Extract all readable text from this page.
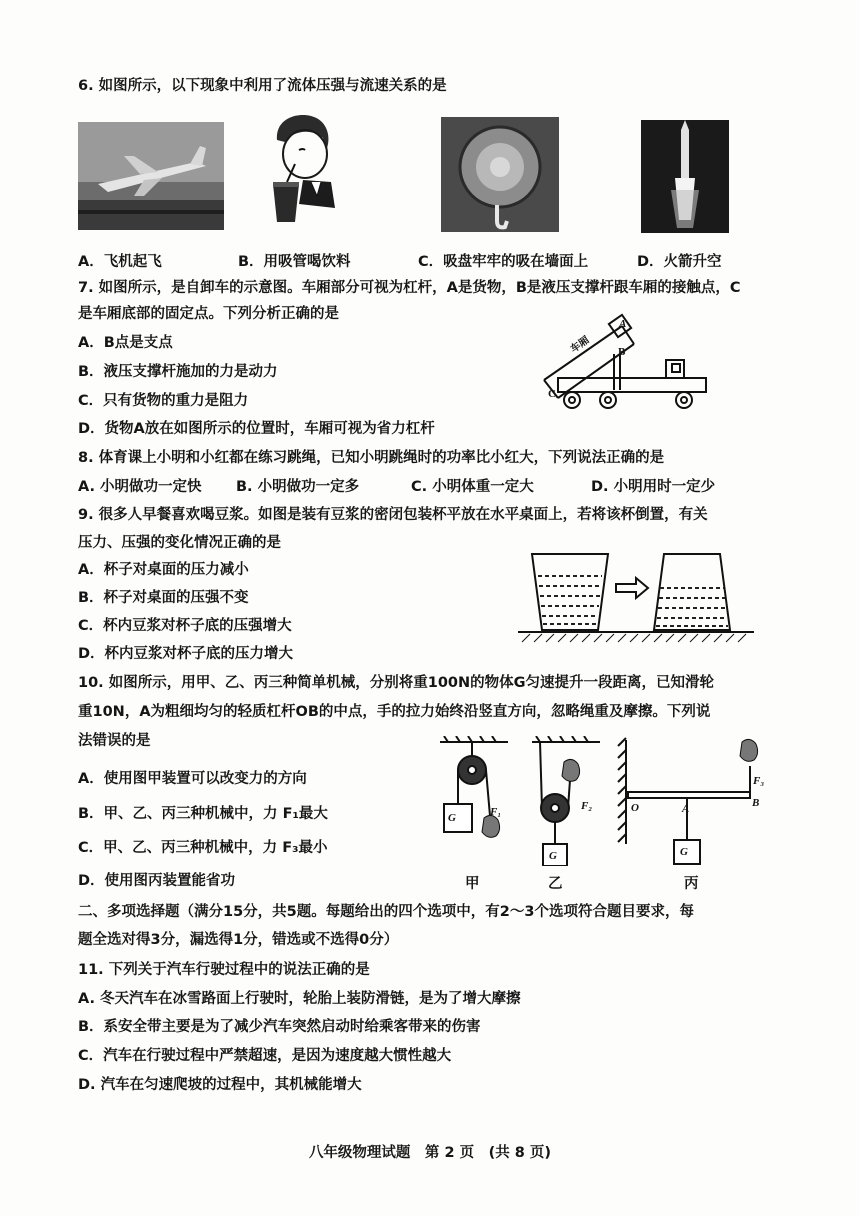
6. 如图所示，以下现象中利用了流体压强与流速关系的是
A．飞机起飞	B．用吸管喝饮料	C．吸盘牢牢的吸在墙面上	D．火箭升空
7. 如图所示，是自卸车的示意图。车厢部分可视为杠杆，A是货物，B是液压支撑杆跟车厢的接触点，C
是车厢底部的固定点。下列分析正确的是
A．B点是支点
B．液压支撑杆施加的力是动力
C．只有货物的重力是阻力
D．货物A放在如图所示的位置时，车厢可视为省力杠杆
A
B
C
车厢
8. 体育课上小明和小红都在练习跳绳，已知小明跳绳时的功率比小红大，下列说法正确的是
A. 小明做功一定快 B. 小明做功一定多	C. 小明体重一定大	D. 小明用时一定少
9. 很多人早餐喜欢喝豆浆。如图是装有豆浆的密闭包装杯平放在水平桌面上，若将该杯倒置，有关
压力、压强的变化情况正确的是
A．杯子对桌面的压力减小
B．杯子对桌面的压强不变
C．杯内豆浆对杯子底的压强增大
D．杯内豆浆对杯子底的压力增大
10. 如图所示，用甲、乙、丙三种简单机械，分别将重100N的物体G匀速提升一段距离，已知滑轮
重10N，A为粗细均匀的轻质杠杆OB的中点，手的拉力始终沿竖直方向，忽略绳重及摩擦。下列说
法错误的是
A．使用图甲装置可以改变力的方向
B．甲、乙、丙三种机械中，力 F₁最大
C．甲、乙、丙三种机械中，力 F₃最小
D．使用图丙装置能省功
G
G	G
F₁	F₂
F₃
O	A	B
甲	乙	丙
二、多项选择题（满分15分，共5题。每题给出的四个选项中，有2～3个选项符合题目要求，每
题全选对得3分，漏选得1分，错选或不选得0分）
11. 下列关于汽车行驶过程中的说法正确的是
A. 冬天汽车在冰雪路面上行驶时，轮胎上装防滑链，是为了增大摩擦
B．系安全带主要是为了减少汽车突然启动时给乘客带来的伤害
C．汽车在行驶过程中严禁超速，是因为速度越大惯性越大
D. 汽车在匀速爬坡的过程中，其机械能增大
八年级物理试题　第 2 页　(共 8 页)
